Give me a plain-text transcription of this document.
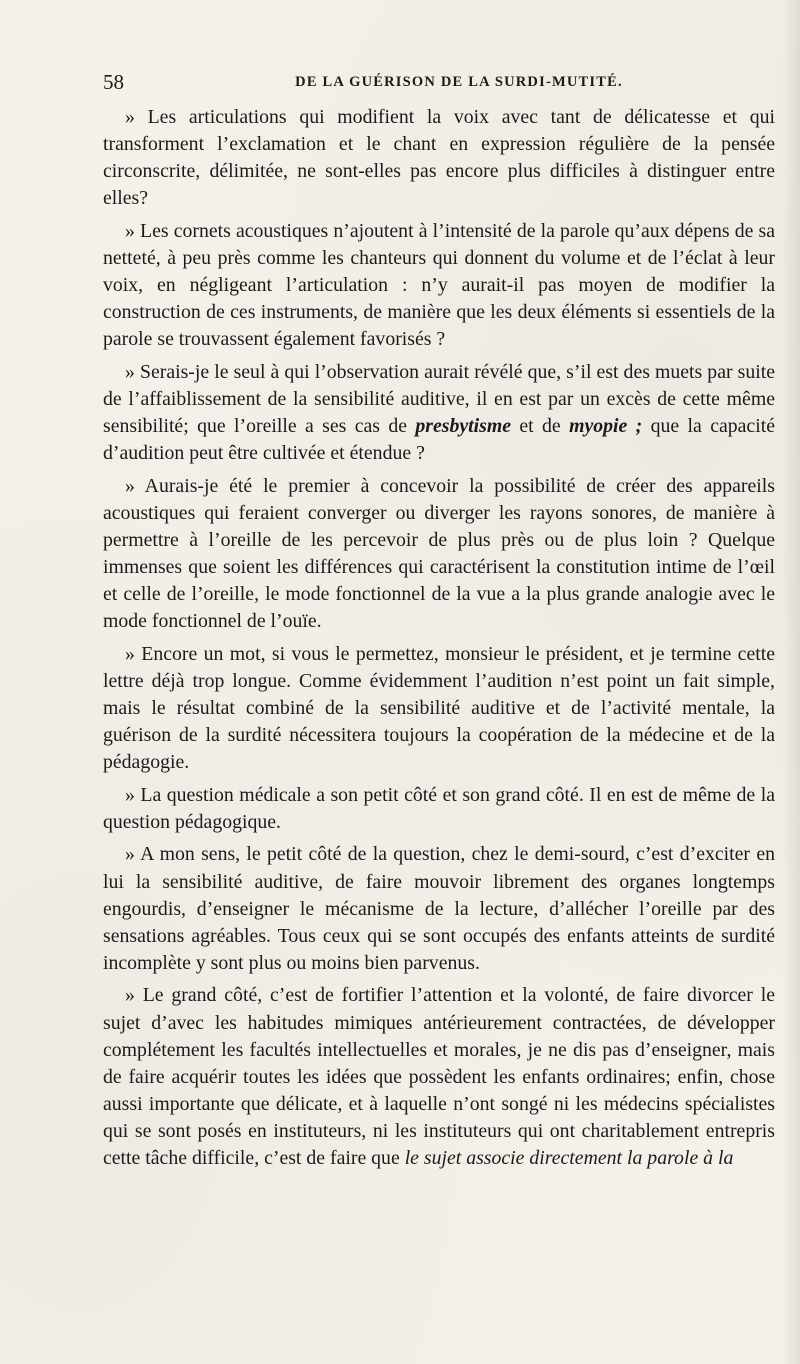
58	DE LA GUÉRISON DE LA SURDI-MUTITÉ.

» Les articulations qui modifient la voix avec tant de délicatesse et qui transforment l’exclamation et le chant en expression régulière de la pensée circonscrite, délimitée, ne sont-elles pas encore plus difficiles à distinguer entre elles?

» Les cornets acoustiques n’ajoutent à l’intensité de la parole qu’aux dépens de sa netteté, à peu près comme les chanteurs qui donnent du volume et de l’éclat à leur voix, en négligeant l’articulation : n’y aurait-il pas moyen de modifier la construction de ces instruments, de manière que les deux éléments si essentiels de la parole se trouvassent également favorisés ?

» Serais-je le seul à qui l’observation aurait révélé que, s’il est des muets par suite de l’affaiblissement de la sensibilité auditive, il en est par un excès de cette même sensibilité; que l’oreille a ses cas de presbytisme et de myopie ; que la capacité d’audition peut être cultivée et étendue ?

» Aurais-je été le premier à concevoir la possibilité de créer des appareils acoustiques qui feraient converger ou diverger les rayons sonores, de manière à permettre à l’oreille de les percevoir de plus près ou de plus loin ? Quelque immenses que soient les différences qui caractérisent la constitution intime de l’œil et celle de l’oreille, le mode fonctionnel de la vue a la plus grande analogie avec le mode fonctionnel de l’ouïe.

» Encore un mot, si vous le permettez, monsieur le président, et je termine cette lettre déjà trop longue. Comme évidemment l’audition n’est point un fait simple, mais le résultat combiné de la sensibilité auditive et de l’activité mentale, la guérison de la surdité nécessitera toujours la coopération de la médecine et de la pédagogie.

» La question médicale a son petit côté et son grand côté. Il en est de même de la question pédagogique.

» A mon sens, le petit côté de la question, chez le demi-sourd, c’est d’exciter en lui la sensibilité auditive, de faire mouvoir librement des organes longtemps engourdis, d’enseigner le mécanisme de la lecture, d’allécher l’oreille par des sensations agréables. Tous ceux qui se sont occupés des enfants atteints de surdité incomplète y sont plus ou moins bien parvenus.

» Le grand côté, c’est de fortifier l’attention et la volonté, de faire divorcer le sujet d’avec les habitudes mimiques antérieurement contractées, de développer complétement les facultés intellectuelles et morales, je ne dis pas d’enseigner, mais de faire acquérir toutes les idées que possèdent les enfants ordinaires; enfin, chose aussi importante que délicate, et à laquelle n’ont songé ni les médecins spécialistes qui se sont posés en instituteurs, ni les instituteurs qui ont charitablement entrepris cette tâche difficile, c’est de faire que le sujet associe directement la parole à la
